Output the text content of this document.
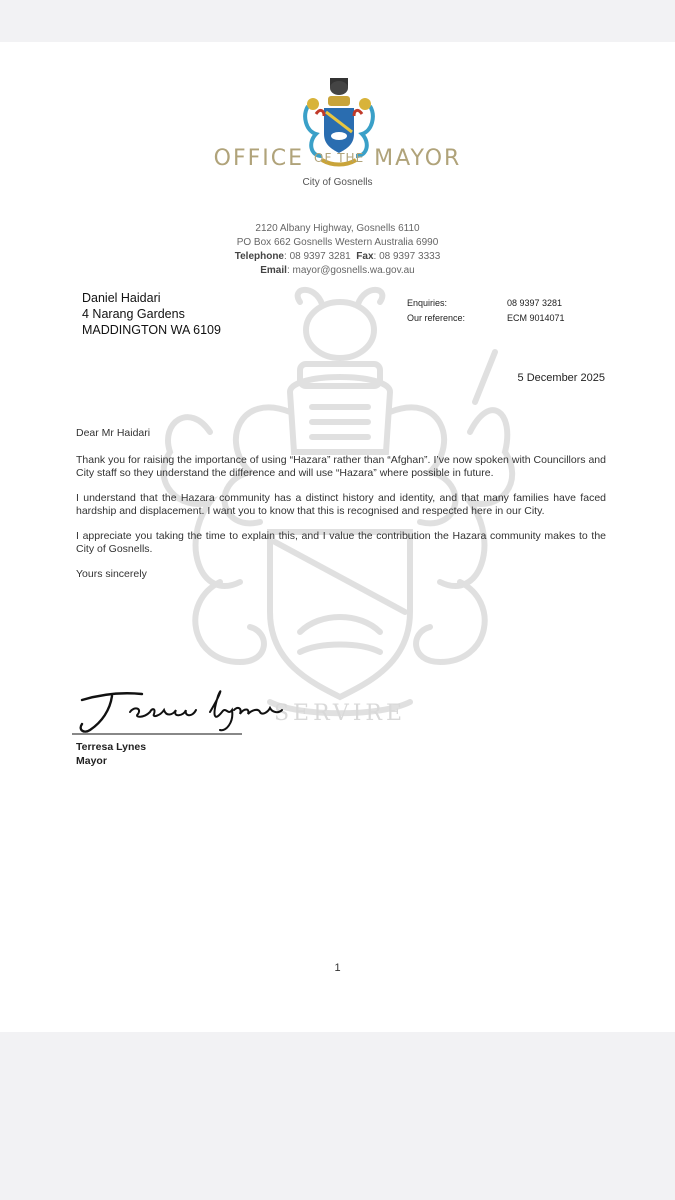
SERVIRE
OFFICE OF THE MAYOR
City of Gosnells
2120 Albany Highway, Gosnells 6110
PO Box 662 Gosnells Western Australia 6990
Telephone: 08 9397 3281 Fax: 08 9397 3333
Email: mayor@gosnells.wa.gov.au
Daniel Haidari
4 Narang Gardens
MADDINGTON WA 6109
Enquiries:	08 9397 3281
Our reference:	ECM 9014071
5 December 2025

Dear Mr Haidari

Thank you for raising the importance of using “Hazara” rather than “Afghan”. I’ve now spoken with Councillors and City staff so they understand the difference and will use “Hazara” where possible in future.

I understand that the Hazara community has a distinct history and identity, and that many families have faced hardship and displacement. I want you to know that this is recognised and respected here in our City.

I appreciate you taking the time to explain this, and I value the contribution the Hazara community makes to the City of Gosnells.

Yours sincerely

Terresa Lynes
Mayor
1
